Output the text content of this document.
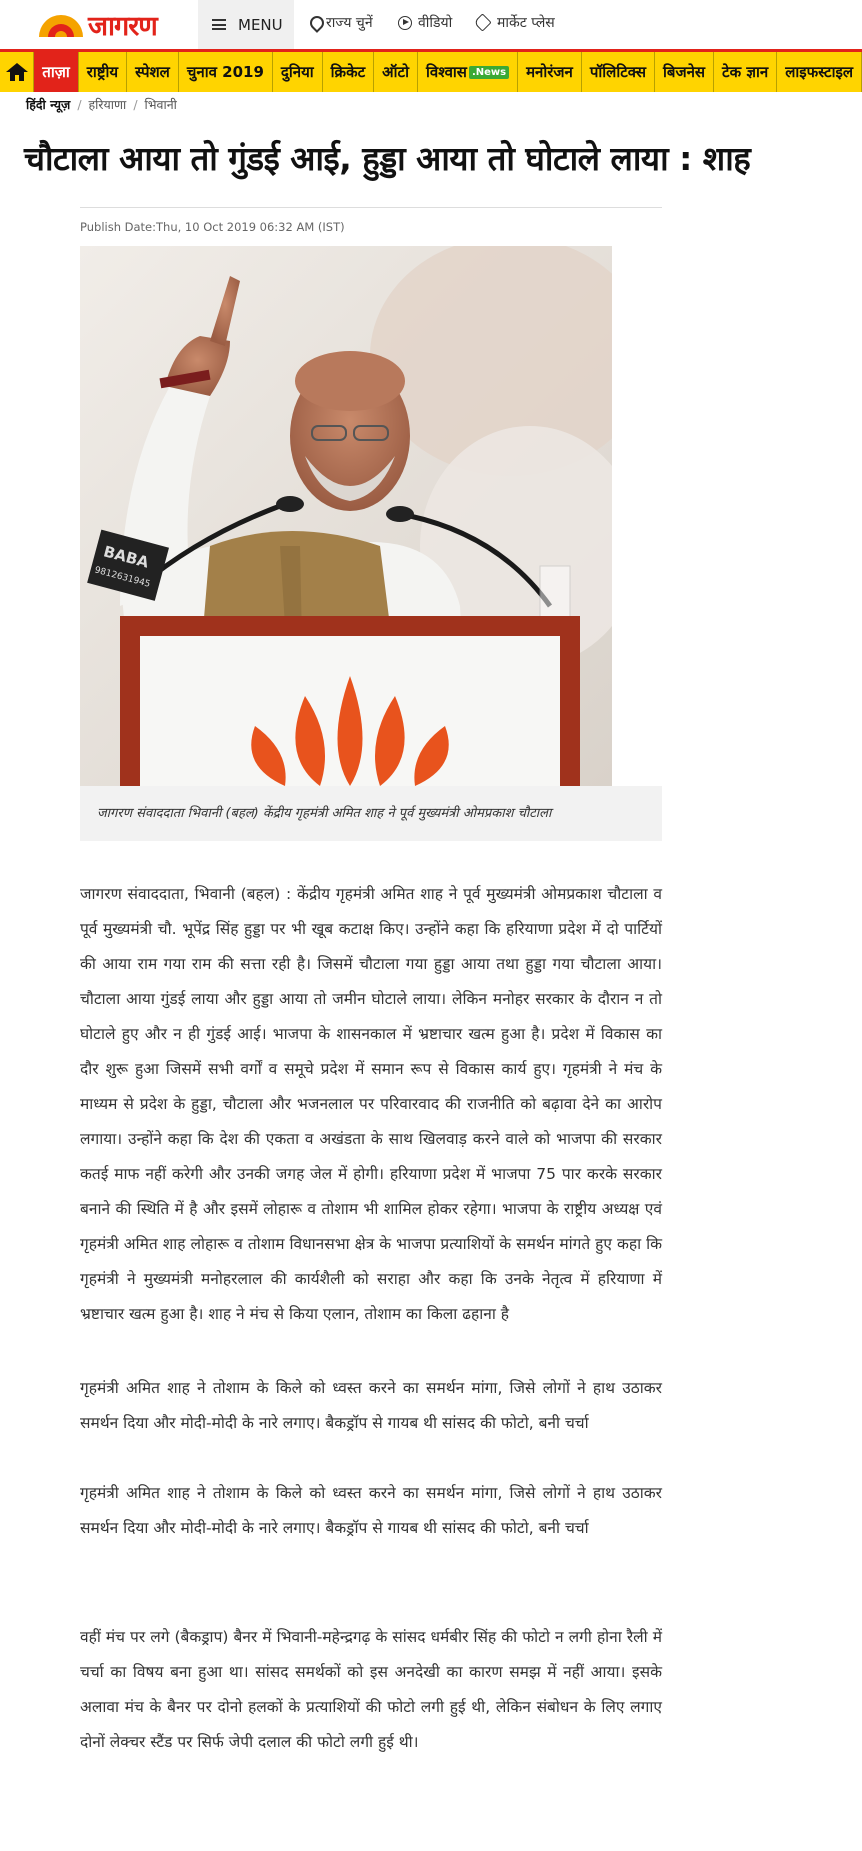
जागरण	MENU	राज्य चुनें	वीडियो	मार्केट प्लेस
ताज़ा	राष्ट्रीय	स्पेशल	चुनाव 2019	दुनिया	क्रिकेट	ऑटो	विश्वास .News	मनोरंजन	पॉलिटिक्स	बिजनेस	टेक ज्ञान	लाइफस्टाइल
हिंदी न्यूज़ / हरियाणा / भिवानी
चौटाला आया तो गुंडई आई, हुड्डा आया तो घोटाले लाया : शाह
Publish Date:Thu, 10 Oct 2019 06:32 AM (IST)
BABA
9812631945
जागरण संवाददाता भिवानी (बहल) केंद्रीय गृहमंत्री अमित शाह ने पूर्व मुख्यमंत्री ओमप्रकाश चौटाला

जागरण संवाददाता, भिवानी (बहल) : केंद्रीय गृहमंत्री अमित शाह ने पूर्व मुख्यमंत्री ओमप्रकाश चौटाला व पूर्व मुख्यमंत्री चौ. भूपेंद्र सिंह हुड्डा पर भी खूब कटाक्ष किए। उन्होंने कहा कि हरियाणा प्रदेश में दो पार्टियों की आया राम गया राम की सत्ता रही है। जिसमें चौटाला गया हुड्डा आया तथा हुड्डा गया चौटाला आया। चौटाला आया गुंडई लाया और हुड्डा आया तो जमीन घोटाले लाया। लेकिन मनोहर सरकार के दौरान न तो घोटाले हुए और न ही गुंडई आई। भाजपा के शासनकाल में भ्रष्टाचार खत्म हुआ है। प्रदेश में विकास का दौर शुरू हुआ जिसमें सभी वर्गों व समूचे प्रदेश में समान रूप से विकास कार्य हुए। गृहमंत्री ने मंच के माध्यम से प्रदेश के हुड्डा, चौटाला और भजनलाल पर परिवारवाद की राजनीति को बढ़ावा देने का आरोप लगाया। उन्होंने कहा कि देश की एकता व अखंडता के साथ खिलवाड़ करने वाले को भाजपा की सरकार कतई माफ नहीं करेगी और उनकी जगह जेल में होगी। हरियाणा प्रदेश में भाजपा 75 पार करके सरकार बनाने की स्थिति में है और इसमें लोहारू व तोशाम भी शामिल होकर रहेगा। भाजपा के राष्ट्रीय अध्यक्ष एवं गृहमंत्री अमित शाह लोहारू व तोशाम विधानसभा क्षेत्र के भाजपा प्रत्याशियों के समर्थन मांगते हुए कहा कि गृहमंत्री ने मुख्यमंत्री मनोहरलाल की कार्यशैली को सराहा और कहा कि उनके नेतृत्व में हरियाणा में भ्रष्टाचार खत्म हुआ है। शाह ने मंच से किया एलान, तोशाम का किला ढहाना है

गृहमंत्री अमित शाह ने तोशाम के किले को ध्वस्त करने का समर्थन मांगा, जिसे लोगों ने हाथ उठाकर समर्थन दिया और मोदी-मोदी के नारे लगाए। बैकड्रॉप से गायब थी सांसद की फोटो, बनी चर्चा

गृहमंत्री अमित शाह ने तोशाम के किले को ध्वस्त करने का समर्थन मांगा, जिसे लोगों ने हाथ उठाकर समर्थन दिया और मोदी-मोदी के नारे लगाए। बैकड्रॉप से गायब थी सांसद की फोटो, बनी चर्चा

वहीं मंच पर लगे (बैकड्राप) बैनर में भिवानी-महेन्द्रगढ़ के सांसद धर्मबीर सिंह की फोटो न लगी होना रैली में चर्चा का विषय बना हुआ था। सांसद समर्थकों को इस अनदेखी का कारण समझ में नहीं आया। इसके अलावा मंच के बैनर पर दोनो हलकों के प्रत्याशियों की फोटो लगी हुई थी, लेकिन संबोधन के लिए लगाए दोनों लेक्चर स्टैंड पर सिर्फ जेपी दलाल की फोटो लगी हुई थी।
